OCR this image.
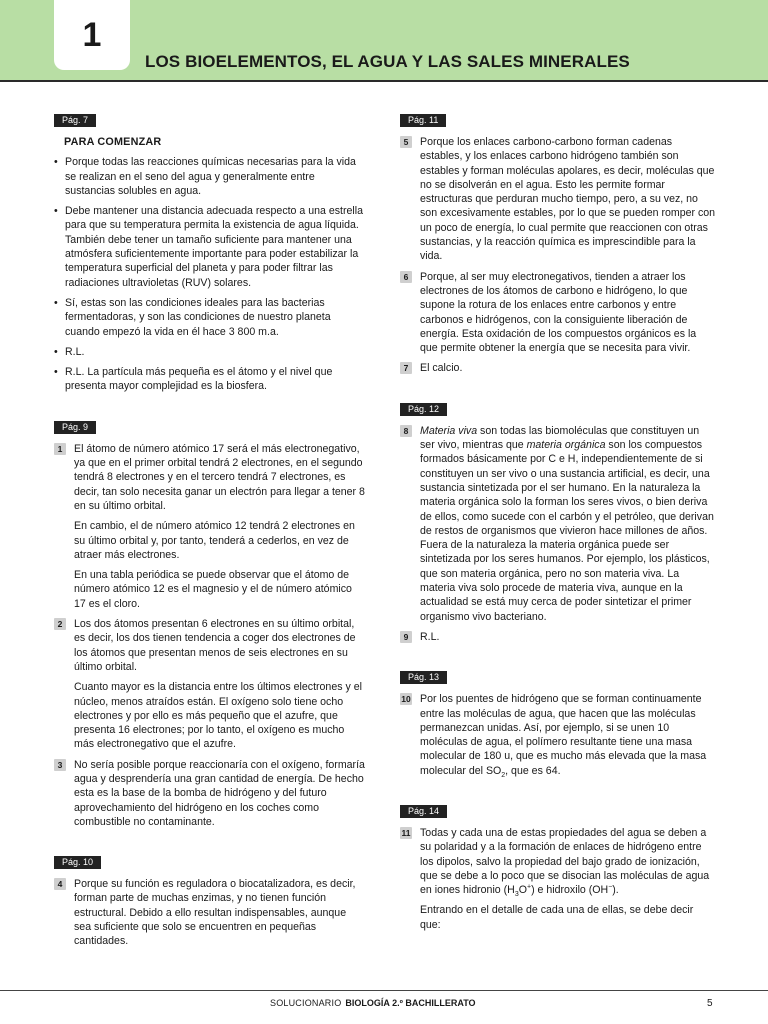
1
LOS BIOELEMENTOS, EL AGUA Y LAS SALES MINERALES
Pág. 7
PARA COMENZAR
• Porque todas las reacciones químicas necesarias para la vida se realizan en el seno del agua y generalmente entre sustancias solubles en agua.
• Debe mantener una distancia adecuada respecto a una estrella para que su temperatura permita la existencia de agua líquida. También debe tener un tamaño suficiente para mantener una atmósfera suficientemente importante para poder estabilizar la temperatura superficial del planeta y para poder filtrar las radiaciones ultravioletas (RUV) solares.
• Sí, estas son las condiciones ideales para las bacterias fermentadoras, y son las condiciones de nuestro planeta cuando empezó la vida en él hace 3 800 m.a.
• R.L.
• R.L. La partícula más pequeña es el átomo y el nivel que presenta mayor complejidad es la biosfera.
Pág. 9
1	El átomo de número atómico 17 será el más electronegativo, ya que en el primer orbital tendrá 2 electrones, en el segundo tendrá 8 electrones y en el tercero tendrá 7 electrones, es decir, tan solo necesita ganar un electrón para llegar a tener 8 en su último orbital.

En cambio, el de número atómico 12 tendrá 2 electrones en su último orbital y, por tanto, tenderá a cederlos, en vez de atraer más electrones.

En una tabla periódica se puede observar que el átomo de número atómico 12 es el magnesio y el de número atómico 17 es el cloro.

2	Los dos átomos presentan 6 electrones en su último orbital, es decir, los dos tienen tendencia a coger dos electrones de los átomos que presentan menos de seis electrones en su último orbital.

Cuanto mayor es la distancia entre los últimos electrones y el núcleo, menos atraídos están. El oxígeno solo tiene ocho electrones y por ello es más pequeño que el azufre, que presenta 16 electrones; por lo tanto, el oxígeno es mucho más electronegativo que el azufre.

3	No sería posible porque reaccionaría con el oxígeno, formaría agua y desprendería una gran cantidad de energía. De hecho esta es la base de la bomba de hidrógeno y del futuro aprovechamiento del hidrógeno en los coches como combustible no contaminante.

Pág. 10
4	Porque su función es reguladora o biocatalizadora, es decir, forman parte de muchas enzimas, y no tienen función estructural. Debido a ello resultan indispensables, aunque sea suficiente que solo se encuentren en pequeñas cantidades.

Pág. 11
5	Porque los enlaces carbono-carbono forman cadenas estables, y los enlaces carbono hidrógeno también son estables y forman moléculas apolares, es decir, moléculas que no se disolverán en el agua. Esto les permite formar estructuras que perduran mucho tiempo, pero, a su vez, no son excesivamente estables, por lo que se pueden romper con un poco de energía, lo cual permite que reaccionen con otras sustancias, y la reacción química es imprescindible para la vida.

6	Porque, al ser muy electronegativos, tienden a atraer los electrones de los átomos de carbono e hidrógeno, lo que supone la rotura de los enlaces entre carbonos y entre carbonos e hidrógenos, con la consiguiente liberación de energía. Esta oxidación de los compuestos orgánicos es la que permite obtener la energía que se necesita para vivir.

7	El calcio.

Pág. 12
8	Materia viva son todas las biomoléculas que constituyen un ser vivo, mientras que materia orgánica son los compuestos formados básicamente por C e H, independientemente de si constituyen un ser vivo o una sustancia artificial, es decir, una sustancia sintetizada por el ser humano. En la naturaleza la materia orgánica solo la forman los seres vivos, o bien deriva de ellos, como sucede con el carbón y el petróleo, que derivan de restos de organismos que vivieron hace millones de años. Fuera de la naturaleza la materia orgánica puede ser sintetizada por los seres humanos. Por ejemplo, los plásticos, que son materia orgánica, pero no son materia viva. La materia viva solo procede de materia viva, aunque en la actualidad se está muy cerca de poder sintetizar el primer organismo vivo bacteriano.

9	R.L.

Pág. 13
10 Por los puentes de hidrógeno que se forman continuamente entre las moléculas de agua, que hacen que las moléculas permanezcan unidas. Así, por ejemplo, si se unen 10 moléculas de agua, el polímero resultante tiene una masa molecular de 180 u, que es mucho más elevada que la masa molecular del $SO_2$, que es 64.

Pág. 14
11 Todas y cada una de estas propiedades del agua se deben a su polaridad y a la formación de enlaces de hidrógeno entre los dipolos, salvo la propiedad del bajo grado de ionización, que se debe a lo poco que se disocian las moléculas de agua en iones hidronio $(H_3O^+)$ e hidroxilo (OH−).

Entrando en el detalle de cada una de ellas, se debe decir que:

SOLUCIONARIO BIOLOGÍA 2.º BACHILLERATO	5
